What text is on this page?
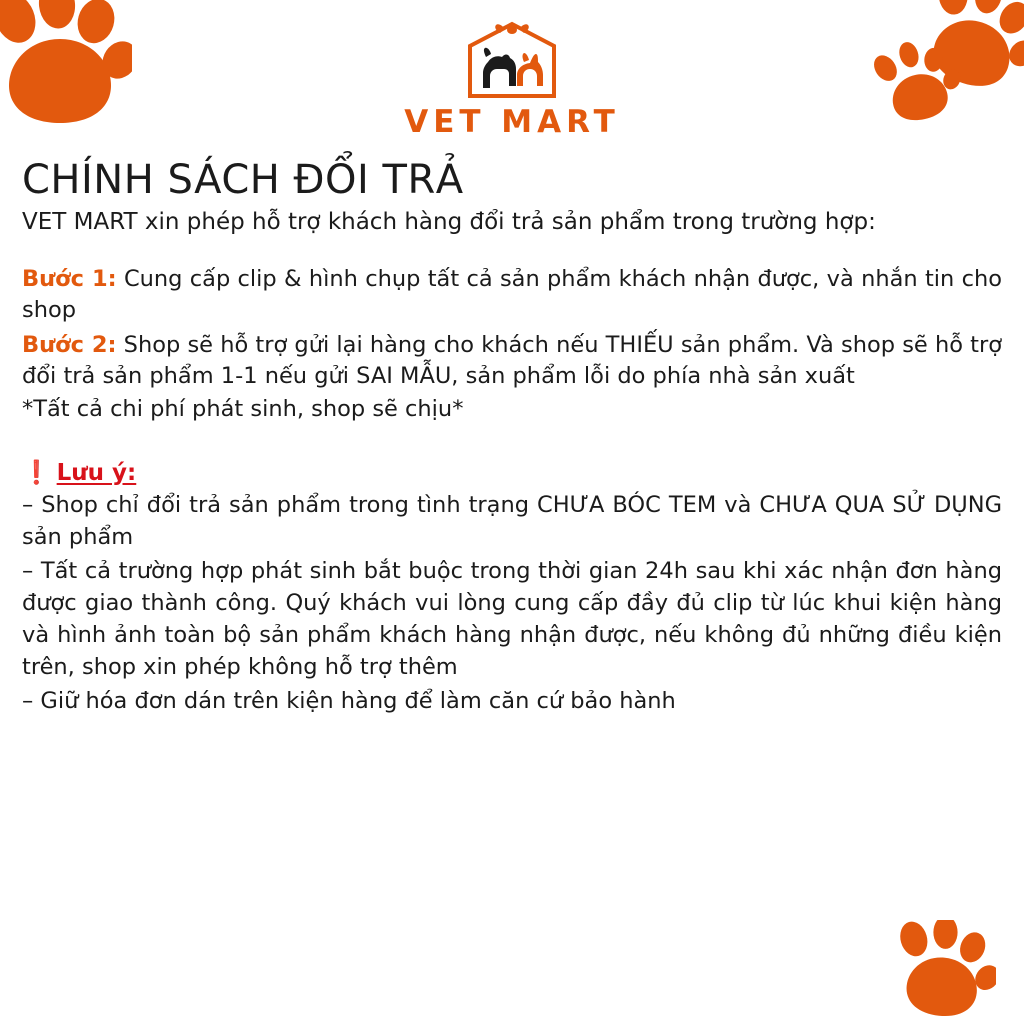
VET MART
CHÍNH SÁCH ĐỔI TRẢ

VET MART xin phép hỗ trợ khách hàng đổi trả sản phẩm trong trường hợp:

Bước 1: Cung cấp clip & hình chụp tất cả sản phẩm khách nhận được, và nhắn tin cho shop

Bước 2: Shop sẽ hỗ trợ gửi lại hàng cho khách nếu THIẾU sản phẩm. Và shop sẽ hỗ trợ đổi trả sản phẩm 1-1 nếu gửi SAI MẪU, sản phẩm lỗi do phía nhà sản xuất

*Tất cả chi phí phát sinh, shop sẽ chịu*

❗ Lưu ý:

– Shop chỉ đổi trả sản phẩm trong tình trạng CHƯA BÓC TEM và CHƯA QUA SỬ DỤNG sản phẩm

– Tất cả trường hợp phát sinh bắt buộc trong thời gian 24h sau khi xác nhận đơn hàng được giao thành công. Quý khách vui lòng cung cấp đầy đủ clip từ lúc khui kiện hàng và hình ảnh toàn bộ sản phẩm khách hàng nhận được, nếu không đủ những điều kiện trên, shop xin phép không hỗ trợ thêm

– Giữ hóa đơn dán trên kiện hàng để làm căn cứ bảo hành
